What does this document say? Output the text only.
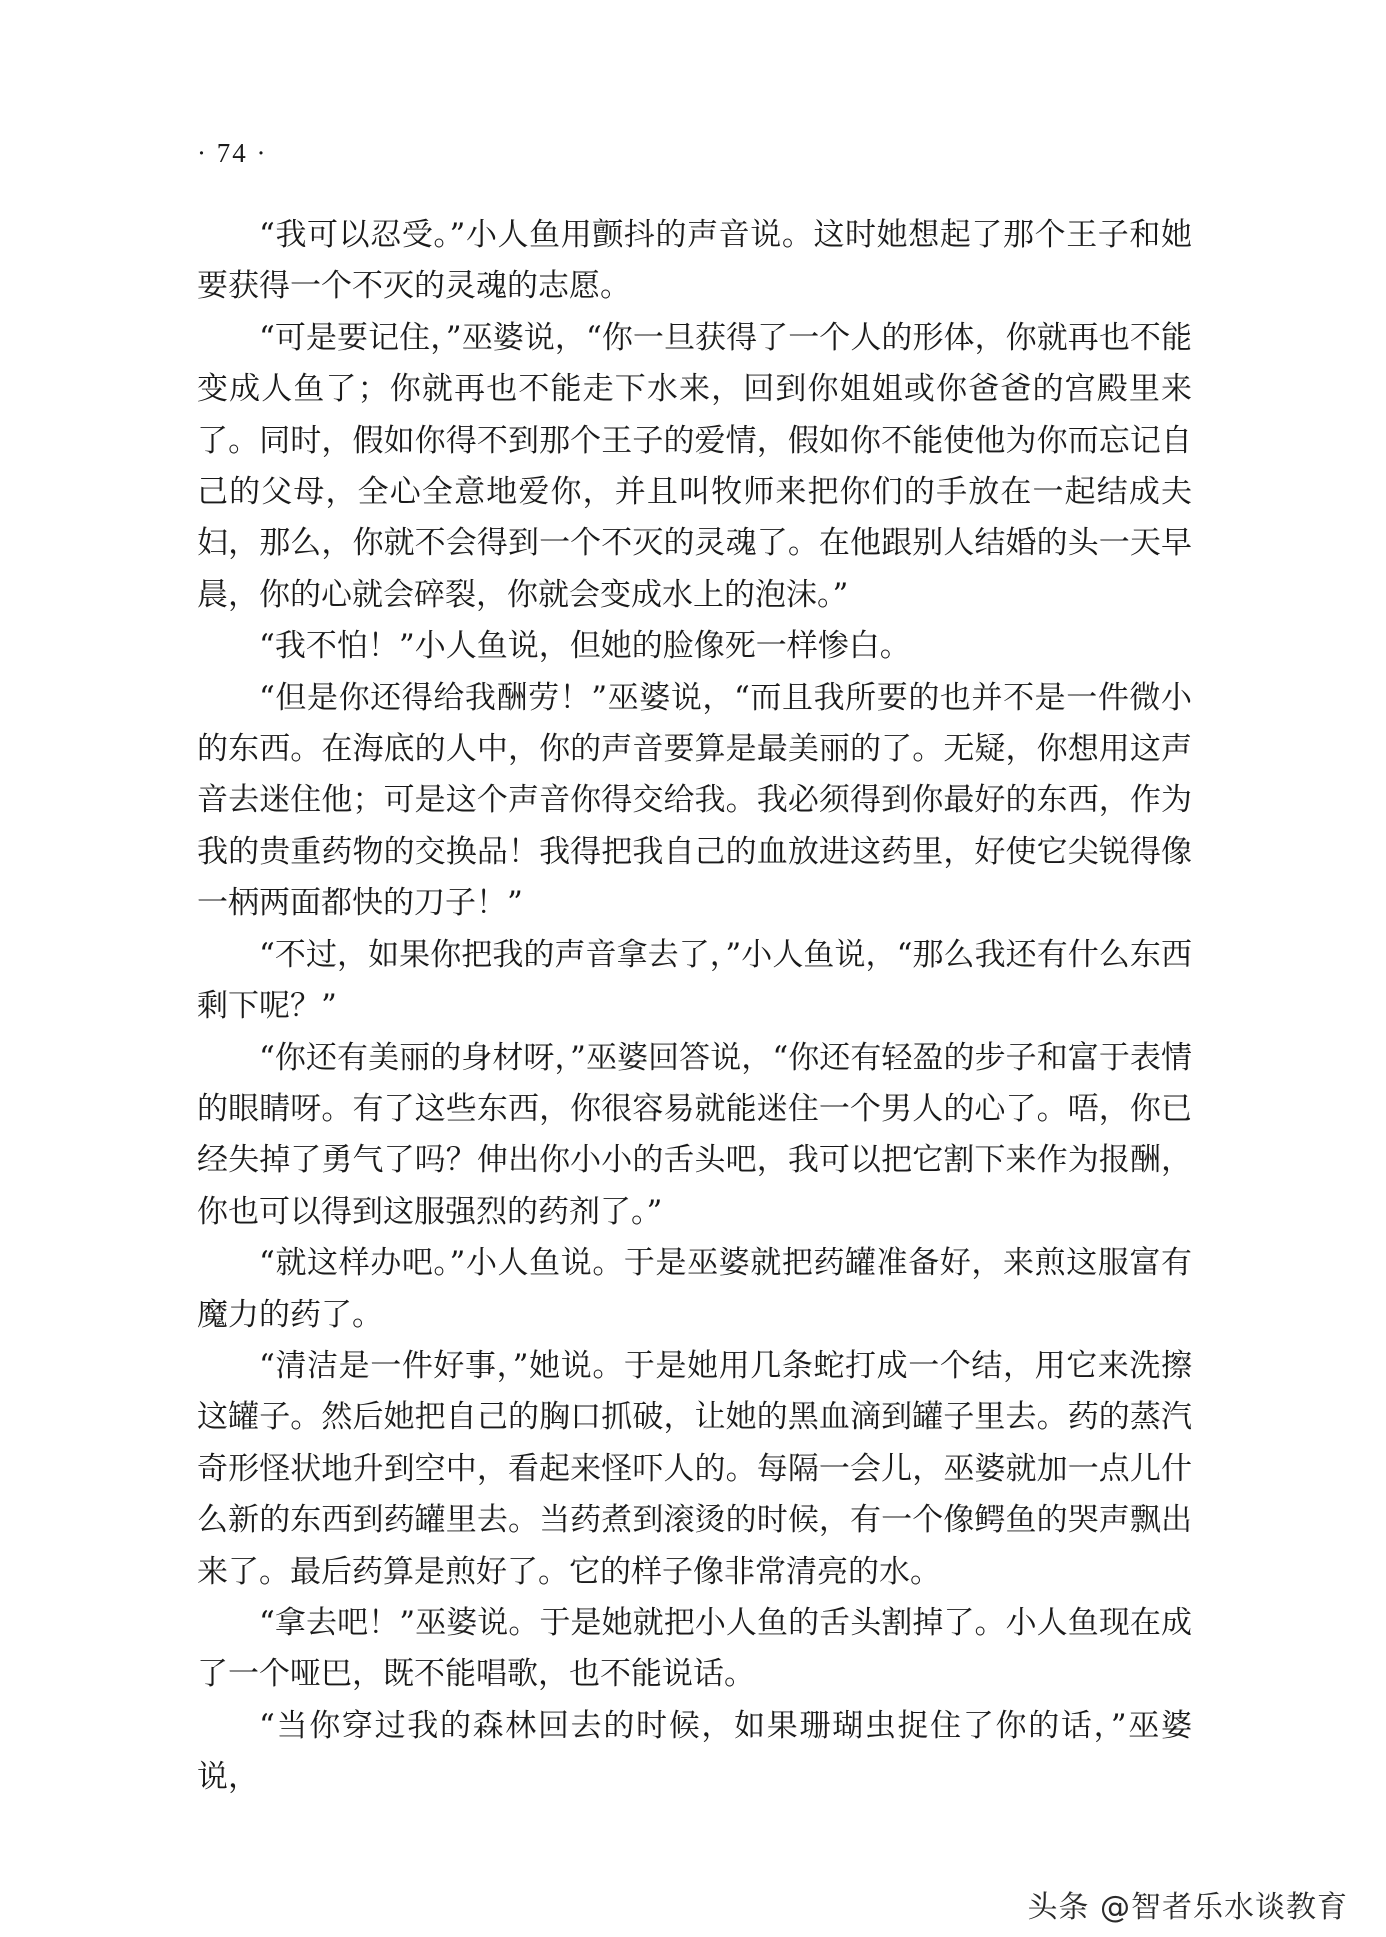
· 74 ·

“我可以忍受。”小人鱼用颤抖的声音说。这时她想起了那个王子和她要获得一个不灭的灵魂的志愿。

“可是要记住，”巫婆说，“你一旦获得了一个人的形体，你就再也不能变成人鱼了；你就再也不能走下水来，回到你姐姐或你爸爸的宫殿里来了。同时，假如你得不到那个王子的爱情，假如你不能使他为你而忘记自己的父母，全心全意地爱你，并且叫牧师来把你们的手放在一起结成夫妇，那么，你就不会得到一个不灭的灵魂了。在他跟别人结婚的头一天早晨，你的心就会碎裂，你就会变成水上的泡沫。”

“我不怕！”小人鱼说，但她的脸像死一样惨白。

“但是你还得给我酬劳！”巫婆说，“而且我所要的也并不是一件微小的东西。在海底的人中，你的声音要算是最美丽的了。无疑，你想用这声音去迷住他；可是这个声音你得交给我。我必须得到你最好的东西，作为我的贵重药物的交换品！我得把我自己的血放进这药里，好使它尖锐得像一柄两面都快的刀子！”

“不过，如果你把我的声音拿去了，”小人鱼说，“那么我还有什么东西剩下呢？”

“你还有美丽的身材呀，”巫婆回答说，“你还有轻盈的步子和富于表情的眼睛呀。有了这些东西，你很容易就能迷住一个男人的心了。唔，你已经失掉了勇气了吗？伸出你小小的舌头吧，我可以把它割下来作为报酬，你也可以得到这服强烈的药剂了。”

“就这样办吧。”小人鱼说。于是巫婆就把药罐准备好，来煎这服富有魔力的药了。

“清洁是一件好事，”她说。于是她用几条蛇打成一个结，用它来洗擦这罐子。然后她把自己的胸口抓破，让她的黑血滴到罐子里去。药的蒸汽奇形怪状地升到空中，看起来怪吓人的。每隔一会儿，巫婆就加一点儿什么新的东西到药罐里去。当药煮到滚烫的时候，有一个像鳄鱼的哭声飘出来了。最后药算是煎好了。它的样子像非常清亮的水。

“拿去吧！”巫婆说。于是她就把小人鱼的舌头割掉了。小人鱼现在成了一个哑巴，既不能唱歌，也不能说话。

“当你穿过我的森林回去的时候，如果珊瑚虫捉住了你的话，”巫婆说，

头条 @智者乐水谈教育
